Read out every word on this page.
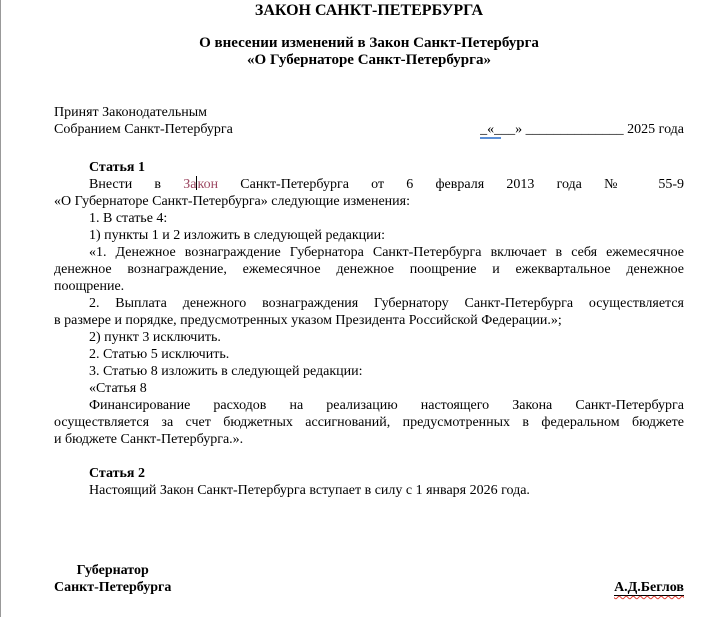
ЗАКОН САНКТ-ПЕТЕРБУРГА
О внесении изменений в Закон Санкт-Петербурга
«О Губернаторе Санкт-Петербурга»
Принят Законодательным
Собранием Санкт-Петербурга	_«___» ______________ 2025 года
Статья 1
Внести в Закон Санкт-Петербурга от 6 февраля 2013 года № 55-9
«О Губернаторе Санкт-Петербурга» следующие изменения:
1. В статье 4:
1) пункты 1 и 2 изложить в следующей редакции:
«1. Денежное вознаграждение Губернатора Санкт-Петербурга включает в себя ежемесячное
денежное вознаграждение, ежемесячное денежное поощрение и ежеквартальное денежное
поощрение.
2. Выплата денежного вознаграждения Губернатору Санкт-Петербурга осуществляется
в размере и порядке, предусмотренных указом Президента Российской Федерации.»;
2) пункт 3 исключить.
2. Статью 5 исключить.
3. Статью 8 изложить в следующей редакции:
«Статья 8
Финансирование расходов на реализацию настоящего Закона Санкт-Петербурга
осуществляется за счет бюджетных ассигнований, предусмотренных в федеральном бюджете
и бюджете Санкт-Петербурга.».

Статья 2
Настоящий Закон Санкт-Петербурга вступает в силу с 1 января 2026 года.
Губернатор
Санкт-Петербурга	А.Д.Беглов
